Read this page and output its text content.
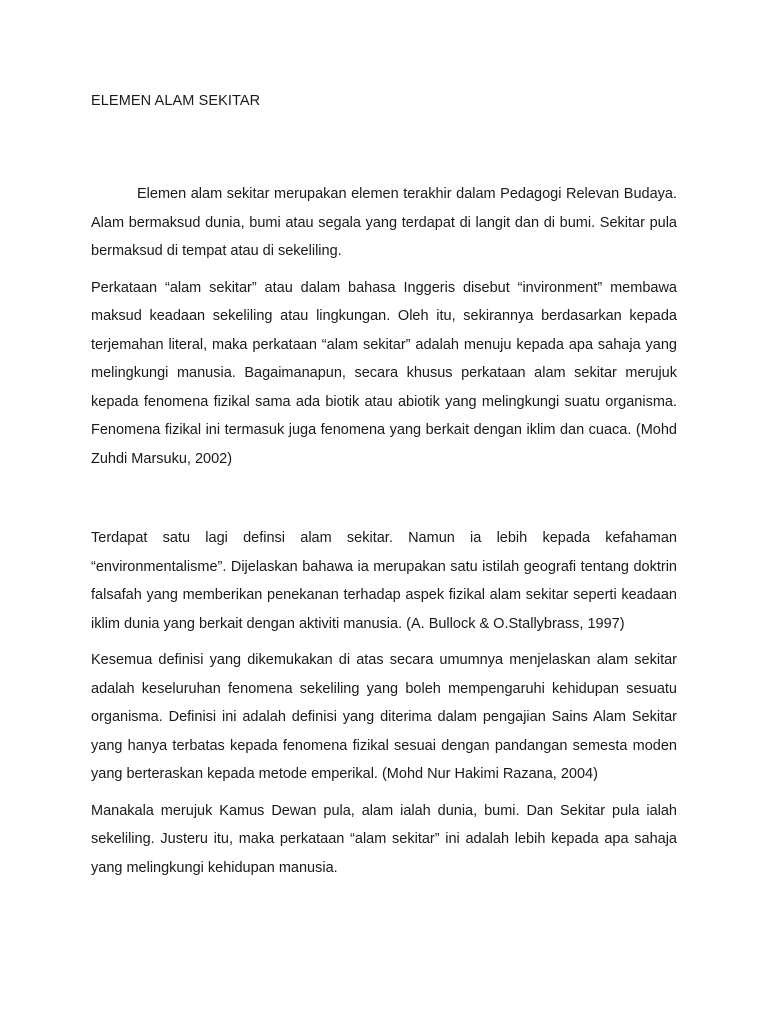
ELEMEN ALAM SEKITAR

Elemen alam sekitar merupakan elemen terakhir dalam Pedagogi Relevan Budaya. Alam bermaksud dunia, bumi atau segala yang terdapat di langit dan di bumi. Sekitar pula bermaksud di tempat atau di sekeliling.

Perkataan “alam sekitar” atau dalam bahasa Inggeris disebut “invironment” membawa maksud keadaan sekeliling atau lingkungan. Oleh itu, sekirannya berdasarkan kepada terjemahan literal, maka perkataan “alam sekitar” adalah menuju kepada apa sahaja yang melingkungi manusia. Bagaimanapun, secara khusus perkataan alam sekitar merujuk kepada fenomena fizikal sama ada biotik atau abiotik yang melingkungi suatu organisma. Fenomena fizikal ini termasuk juga fenomena yang berkait dengan iklim dan cuaca. (Mohd Zuhdi Marsuku, 2002)

Terdapat satu lagi definsi alam sekitar. Namun ia lebih kepada kefahaman “environmentalisme”. Dijelaskan bahawa ia merupakan satu istilah geografi tentang doktrin falsafah yang memberikan penekanan terhadap aspek fizikal alam sekitar seperti keadaan iklim dunia yang berkait dengan aktiviti manusia. (A. Bullock & O.Stallybrass, 1997)

Kesemua definisi yang dikemukakan di atas secara umumnya menjelaskan alam sekitar adalah keseluruhan fenomena sekeliling yang boleh mempengaruhi kehidupan sesuatu organisma. Definisi ini adalah definisi yang diterima dalam pengajian Sains Alam Sekitar yang hanya terbatas kepada fenomena fizikal sesuai dengan pandangan semesta moden yang berteraskan kepada metode emperikal. (Mohd Nur Hakimi Razana, 2004)

Manakala merujuk Kamus Dewan pula, alam ialah dunia, bumi. Dan Sekitar pula ialah sekeliling. Justeru itu, maka perkataan “alam sekitar” ini adalah lebih kepada apa sahaja yang melingkungi kehidupan manusia.
